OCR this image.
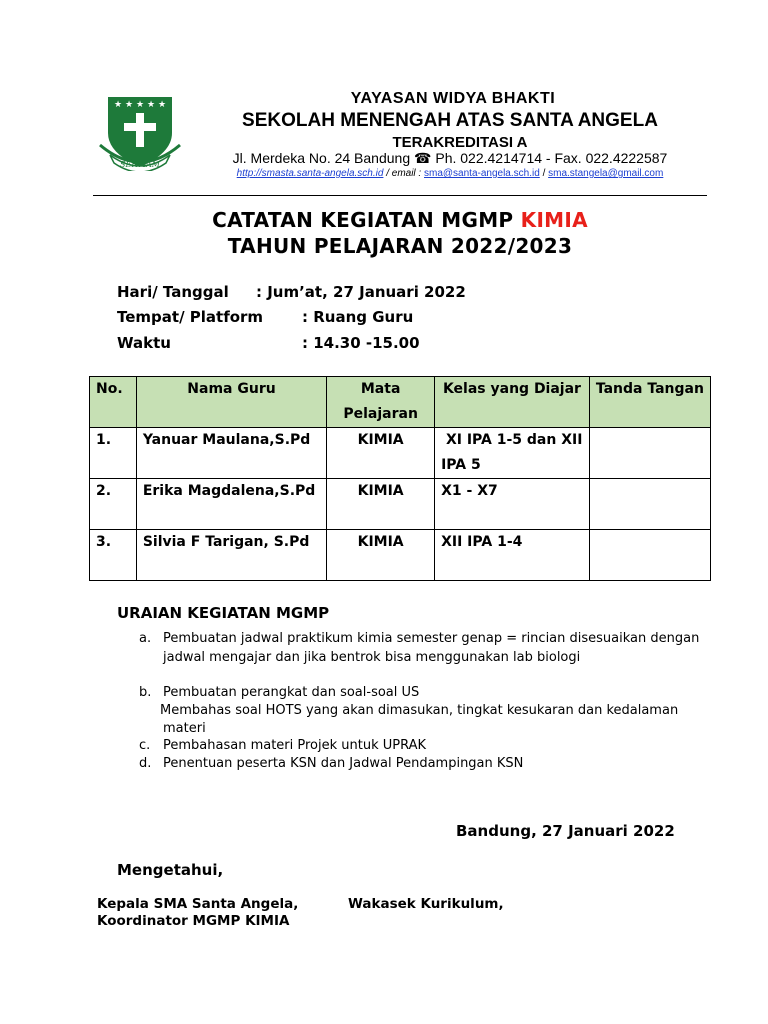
★ ★ ★ ★ ★
SERVIAM
YAYASAN WIDYA BHAKTI
SEKOLAH MENENGAH ATAS SANTA ANGELA
TERAKREDITASI A
Jl. Merdeka No. 24 Bandung ☎ Ph. 022.4214714 - Fax. 022.4222587
http://smasta.santa-angela.sch.id / email : sma@santa-angela.sch.id / sma.stangela@gmail.com
CATATAN KEGIATAN MGMP KIMIA
TAHUN PELAJARAN 2022/2023
Hari/ Tanggal : Jum’at, 27 Januari 2022
Tempat/ Platform	: Ruang Guru
Waktu	: 14.30 -15.00
No.	Nama Guru	Mata Pelajaran	Kelas yang Diajar	Tanda Tangan
1.	Yanuar Maulana,S.Pd	KIMIA	XI IPA 1-5 dan XII IPA 5	
2.	Erika Magdalena,S.Pd	KIMIA	X1 - X7	
3.	Silvia F Tarigan, S.Pd	KIMIA	XII IPA 1-4	
URAIAN KEGIATAN MGMP
a. Pembuatan jadwal praktikum kimia semester genap = rincian disesuaikan dengan
jadwal mengajar dan jika bentrok bisa menggunakan lab biologi
b. Pembuatan perangkat dan soal-soal US
Membahas soal HOTS yang akan dimasukan, tingkat kesukaran dan kedalaman
materi
c. Pembahasan materi Projek untuk UPRAK
d. Penentuan peserta KSN dan Jadwal Pendampingan KSN
Bandung, 27 Januari 2022
Mengetahui,
Kepala SMA Santa Angela,
Koordinator MGMP KIMIA
Wakasek Kurikulum,
